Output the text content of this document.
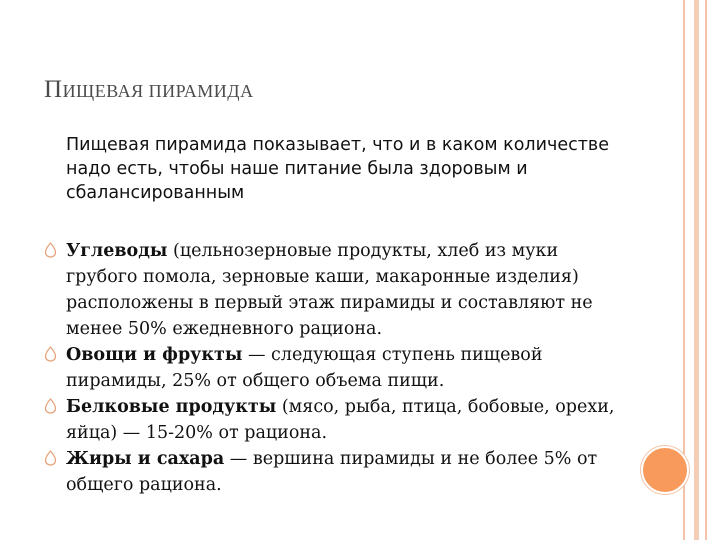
ПИЩЕВАЯ ПИРАМИДА
Пищевая пирамида показывает, что и в каком количестве надо есть, чтобы наше питание была здоровым и сбалансированным
Углеводы (цельнозерновые продукты, хлеб из муки грубого помола, зерновые каши, макаронные изделия) расположены в первый этаж пирамиды и составляют не менее 50% ежедневного рациона.
Овощи и фрукты — следующая ступень пищевой пирамиды, 25% от общего объема пищи.
Белковые продукты (мясо, рыба, птица, бобовые, орехи, яйца) — 15-20% от рациона.
Жиры и сахара — вершина пирамиды и не более 5% от общего рациона.
